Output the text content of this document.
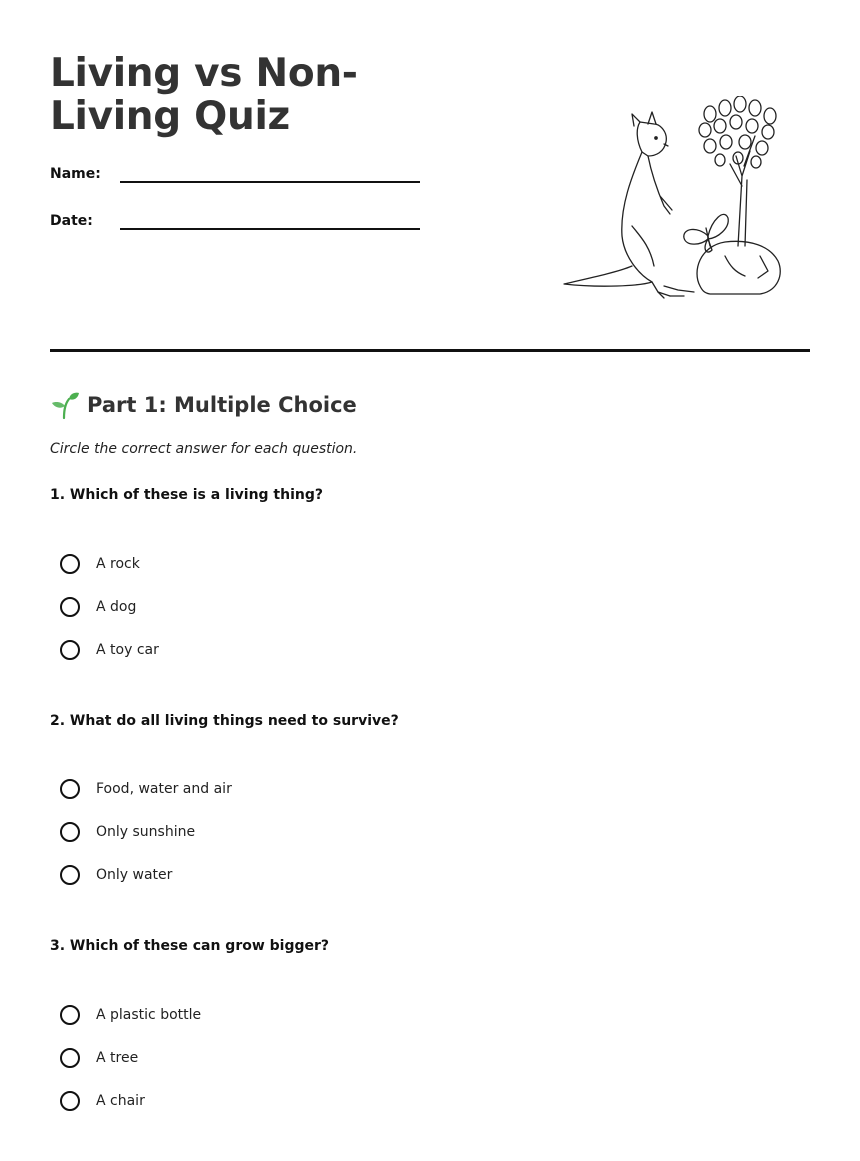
Living vs Non-Living Quiz
Name:
Date:
Part 1: Multiple Choice
Circle the correct answer for each question.
1. Which of these is a living thing?
A rock
A dog
A toy car
2. What do all living things need to survive?
Food, water and air
Only sunshine
Only water
3. Which of these can grow bigger?
A plastic bottle
A tree
A chair
